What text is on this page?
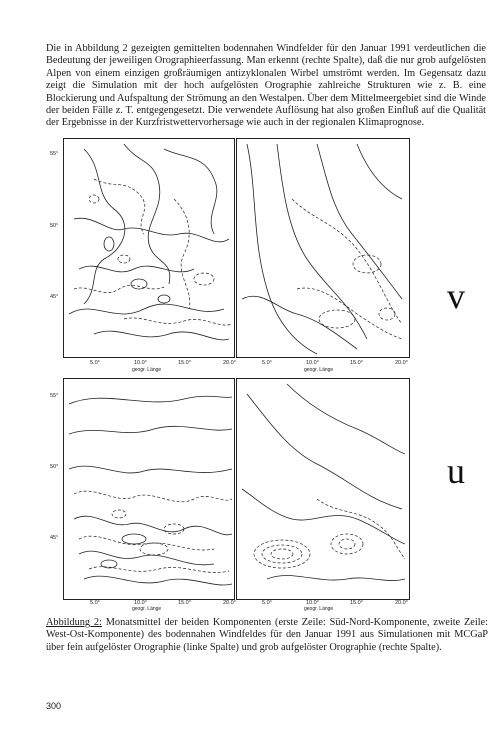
Die in Abbildung 2 gezeigten gemittelten bodennahen Windfelder für den Januar 1991 verdeutlichen die Bedeutung der jeweiligen Orographieerfassung. Man erkennt (rechte Spalte), daß die nur grob aufgelösten Alpen von einem einzigen großräumigen antizyklonalen Wirbel umströmt werden. Im Gegensatz dazu zeigt die Simulation mit der hoch aufgelösten Orographie zahlreiche Strukturen wie z. B. eine Blockierung und Aufspaltung der Strömung an den Westalpen. Über dem Mittelmeergebiet sind die Winde der beiden Fälle z. T. entgegengesetzt. Die verwendete Auflösung hat also großen Einfluß auf die Qualität der Ergebnisse in der Kurzfristwettervorhersage wie auch in der regionalen Klimaprognose.
55°
50°
45°
5.0°	10.0°	15.0°	20.0°
geogr. Länge
5.0°	10.0°	15.0°	20.0°
geogr. Länge
v
55°
50°
45°
5.0°	10.0°	15.0°	20.0°
geogr. Länge
5.0°	10.0°	15.0°	20.0°
geogr. Länge
u
Abbildung 2: Monatsmittel der beiden Komponenten (erste Zeile: Süd-Nord-Komponente, zweite Zeile: West-Ost-Komponente) des bodennahen Windfeldes für den Januar 1991 aus Simulationen mit MCGaP über fein aufgelöster Orographie (linke Spalte) und grob aufgelöster Orographie (rechte Spalte).
300
